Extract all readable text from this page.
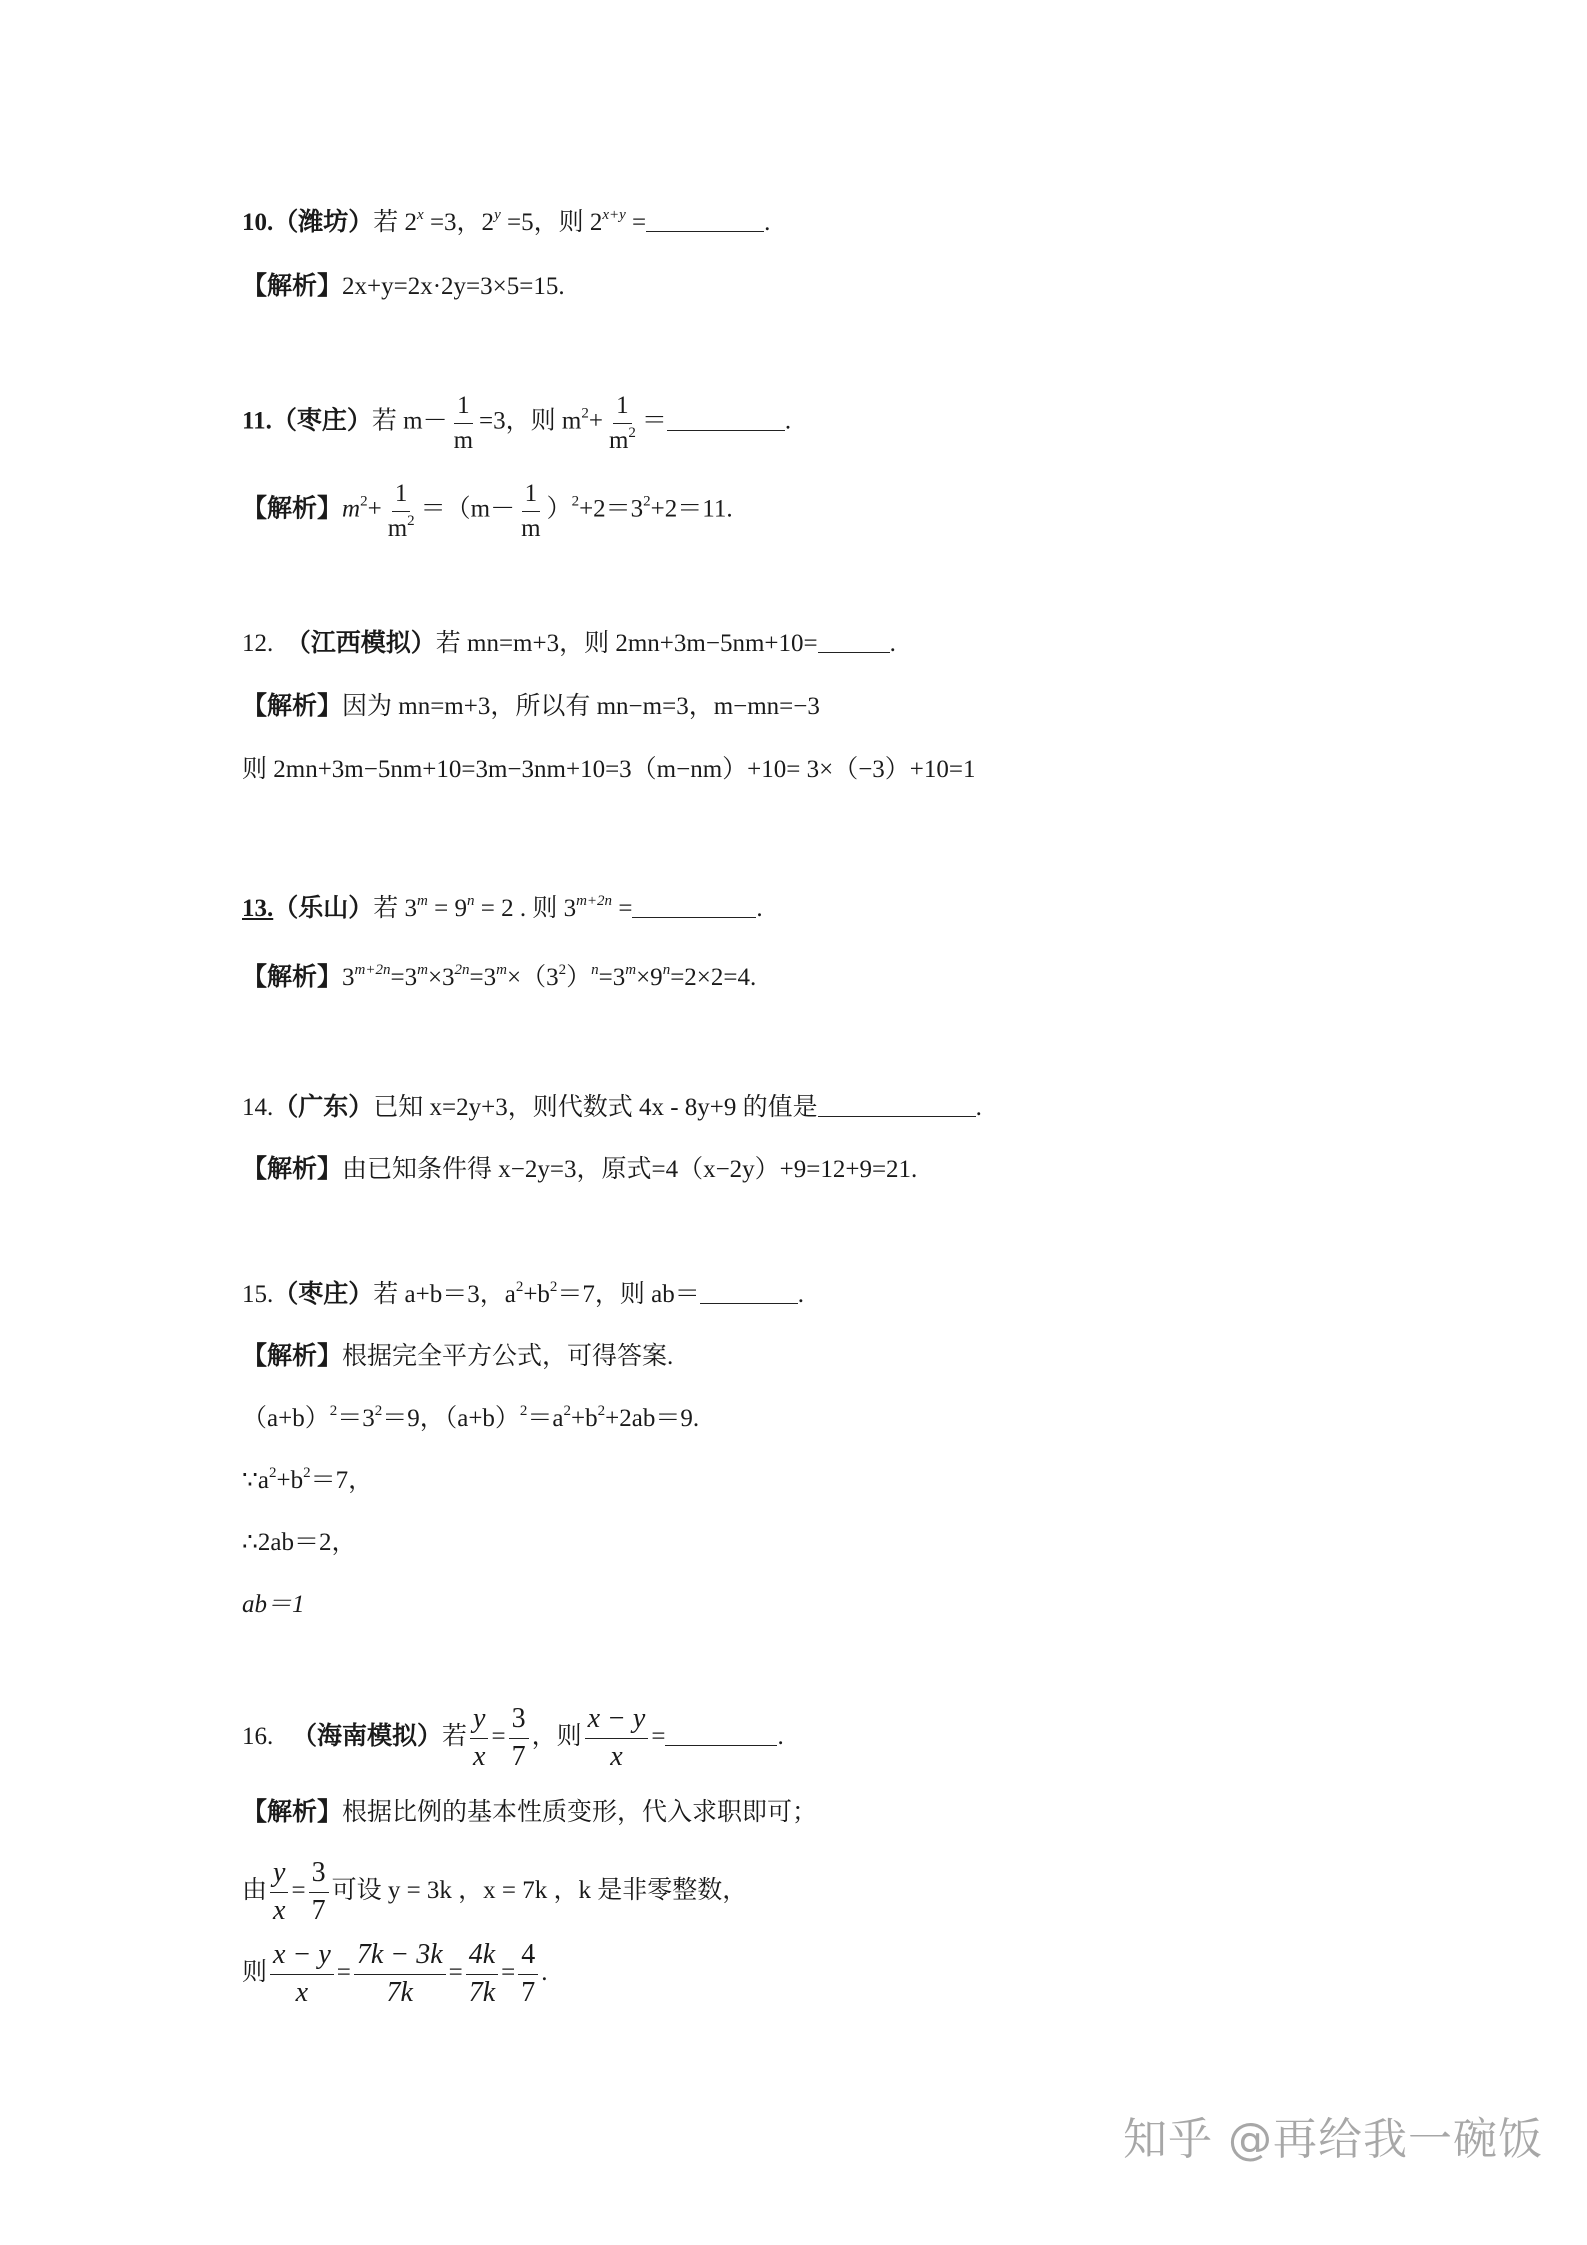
10.（潍坊）若 $2^x =3$，$2^y =5$，则 $2^{x+y}$ =	.
【解析】2x+y=2x·2y=3×5=15.
11.（枣庄）若 $m- \frac{1}{m} =3$，则 $m^2+ \frac{1}{m^2}$ ＝	.
【解析】$m^2+ \frac{1}{m^2} =(m- \frac{1}{m} )^2+2=3^2+2=11$.
12. （江西模拟）若 mn=m+3，则 2mn+3m−5nm+10=	.
【解析】因为 mn=m+3，所以有 mn−m=3，m−mn=−3
则 2mn+3m−5nm+10=3m−3nm+10=3（m−nm）+10= 3×（−3）+10=1
13.（乐山）若 $3^m = 9^n = 2$ . 则 $3^{m+2n}$ =	.
【解析】$3^{m+2n}=3^m\times 3^{2n}=3^m\times(3^2)^n=3^m\times 9^n=2\times 2=4$.
14.（广东）已知 x=2y+3，则代数式 4x - 8y+9 的值是	.
【解析】由已知条件得 x−2y=3，原式=4（x−2y）+9=12+9=21.
15.（枣庄）若 a+b＝3，$a^2+b^2=7$，则 ab＝	.
【解析】根据完全平方公式，可得答案.
$(a+b)^2=3^2=9$，$(a+b)^2=a^2+b^2+2ab=9$.
$\because a^2+b^2=7$，
∴2ab＝2，
ab＝1
16. （海南模拟）若 $\frac{y}{x} = \frac{3}{7}$ ，则 $\frac{x - y}{x}$ =	.
【解析】根据比例的基本性质变形，代入求职即可；
由 $\frac{y}{x} = \frac{3}{7}$ 可设 y = 3k ，x = 7k ，k 是非零整数，
则 $\frac{x - y}{x} = \frac{7k - 3k}{7k} = \frac{4k}{7k} = \frac{4}{7}$ .
知乎 @再给我一碗饭
